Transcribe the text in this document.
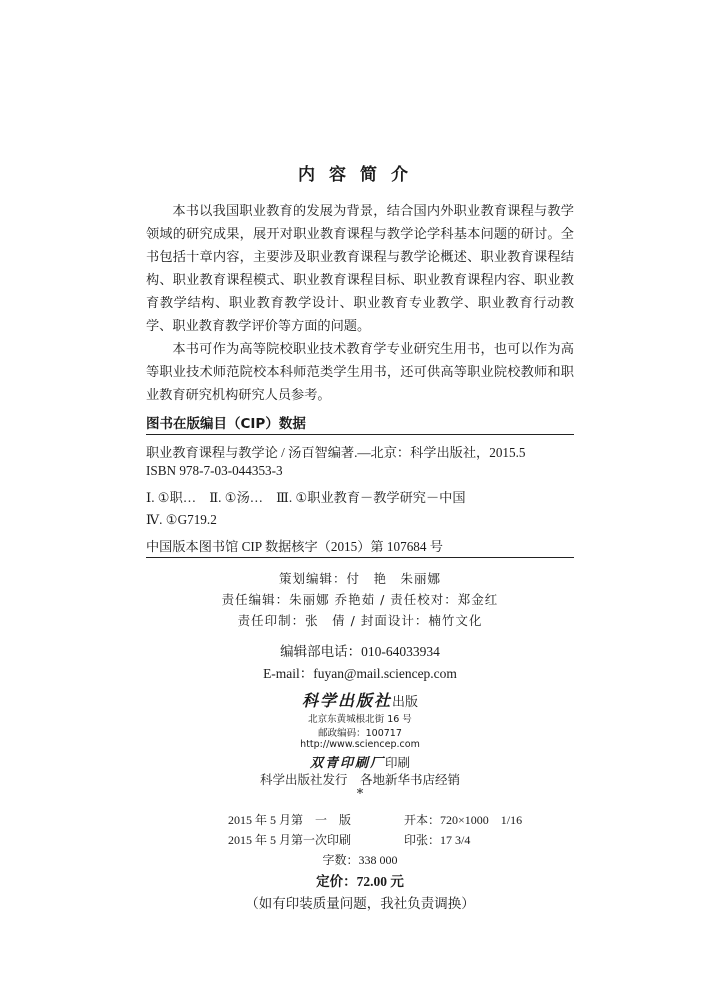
内容简介

本书以我国职业教育的发展为背景，结合国内外职业教育课程与教学领域的研究成果，展开对职业教育课程与教学论学科基本问题的研讨。全书包括十章内容，主要涉及职业教育课程与教学论概述、职业教育课程结构、职业教育课程模式、职业教育课程目标、职业教育课程内容、职业教育教学结构、职业教育教学设计、职业教育专业教学、职业教育行动教学、职业教育教学评价等方面的问题。

本书可作为高等院校职业技术教育学专业研究生用书，也可以作为高等职业技术师范院校本科师范类学生用书，还可供高等职业院校教师和职业教育研究机构研究人员参考。

图书在版编目（CIP）数据
职业教育课程与教学论 / 汤百智编著.—北京：科学出版社，2015.5
ISBN 978-7-03-044353-3
Ⅰ. ①职…　Ⅱ. ①汤…　Ⅲ. ①职业教育－教学研究－中国
Ⅳ. ①G719.2
中国版本图书馆 CIP 数据核字（2015）第 107684 号
策划编辑：付　艳　朱丽娜
责任编辑：朱丽娜 乔艳茹 / 责任校对：郑金红
责任印制：张　倩 / 封面设计：楠竹文化
编辑部电话：010-64033934
E-mail：fuyan@mail.sciencep.com
科学出版社出版
北京东黄城根北街 16 号
邮政编码：100717
http://www.sciencep.com
双青印刷厂印刷
科学出版社发行　各地新华书店经销
*
2015 年 5 月第　一　版	开本：720×1000　1/16
2015 年 5 月第一次印刷	印张：17 3/4
字数：338 000
定价：72.00 元
（如有印装质量问题，我社负责调换）
